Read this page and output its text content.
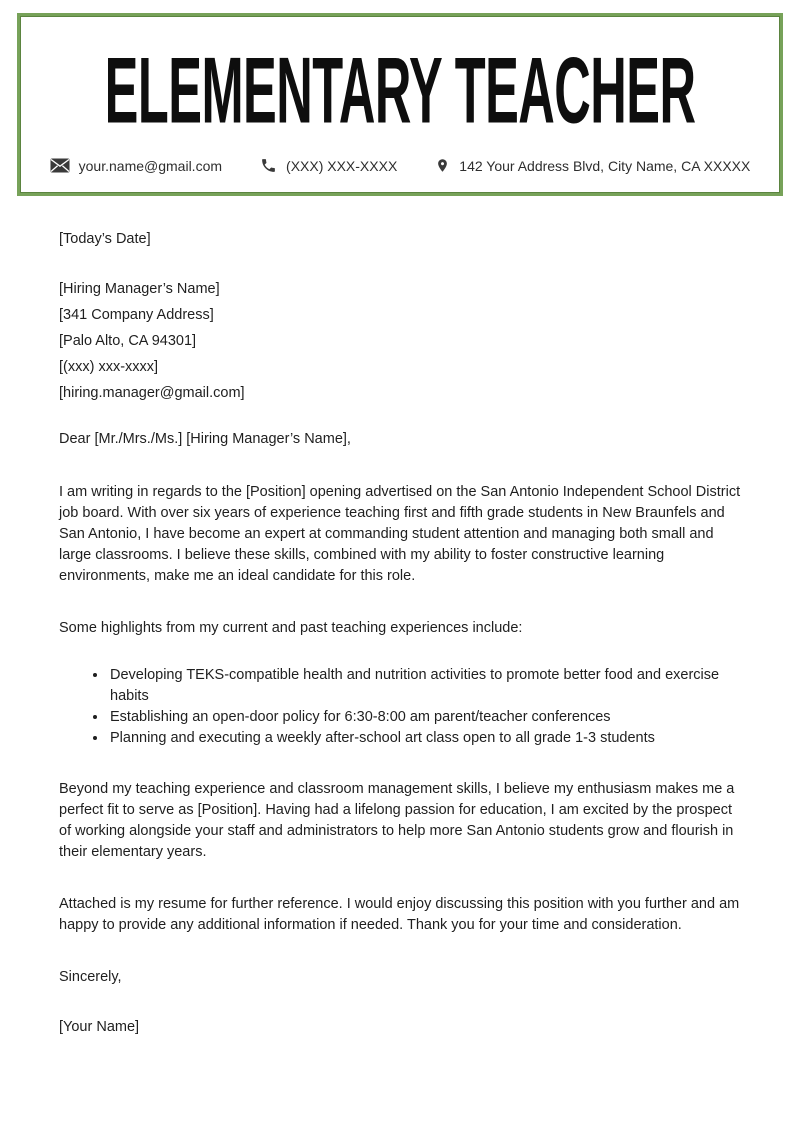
ELEMENTARY TEACHER
your.name@gmail.com	(XXX) XXX-XXXX	142 Your Address Blvd, City Name, CA XXXXX
[Today’s Date]
[Hiring Manager’s Name]
[341 Company Address]
[Palo Alto, CA 94301]
[(xxx) xxx-xxxx]
[hiring.manager@gmail.com]
Dear [Mr./Mrs./Ms.] [Hiring Manager’s Name],

I am writing in regards to the [Position] opening advertised on the San Antonio Independent School District job board. With over six years of experience teaching first and fifth grade students in New Braunfels and San Antonio, I have become an expert at commanding student attention and managing both small and large classrooms. I believe these skills, combined with my ability to foster constructive learning environments, make me an ideal candidate for this role.

Some highlights from my current and past teaching experiences include:
• Developing TEKS-compatible health and nutrition activities to promote better food and exercise habits
• Establishing an open-door policy for 6:30-8:00 am parent/teacher conferences
• Planning and executing a weekly after-school art class open to all grade 1-3 students

Beyond my teaching experience and classroom management skills, I believe my enthusiasm makes me a perfect fit to serve as [Position]. Having had a lifelong passion for education, I am excited by the prospect of working alongside your staff and administrators to help more San Antonio students grow and flourish in their elementary years.

Attached is my resume for further reference. I would enjoy discussing this position with you further and am happy to provide any additional information if needed. Thank you for your time and consideration.

Sincerely,
[Your Name]
